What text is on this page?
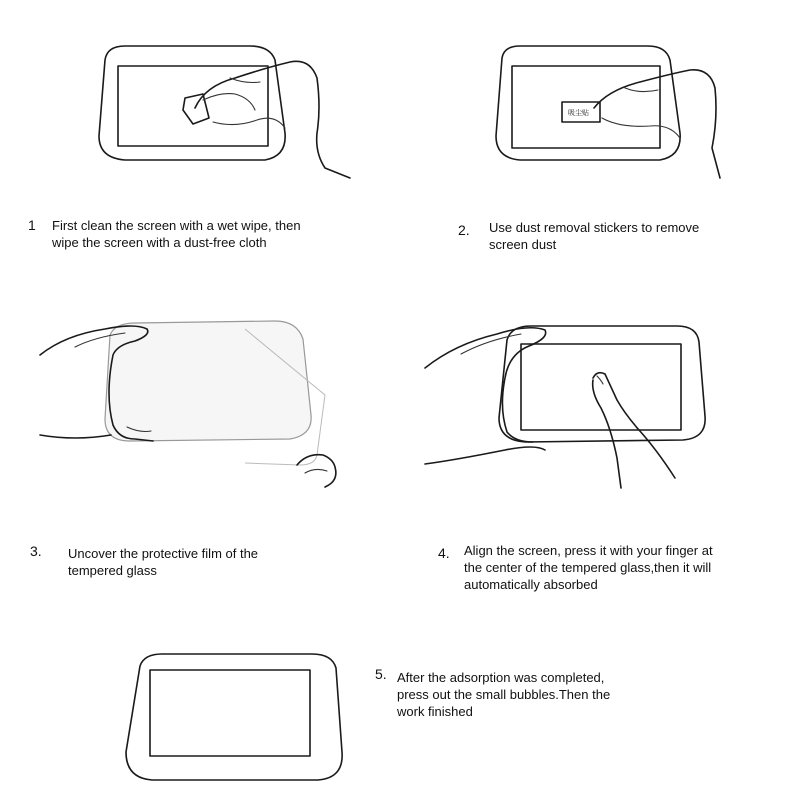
吸尘贴
1 First clean the screen with a wet wipe, then
wipe the screen with a dust-free cloth
2. Use dust removal stickers to remove
screen dust
3. Uncover the protective film of the
tempered glass
4. Align the screen, press it with your finger at
the center of the tempered glass,then it will
automatically absorbed
5. After the adsorption was completed,
press out the small bubbles.Then the
work finished
